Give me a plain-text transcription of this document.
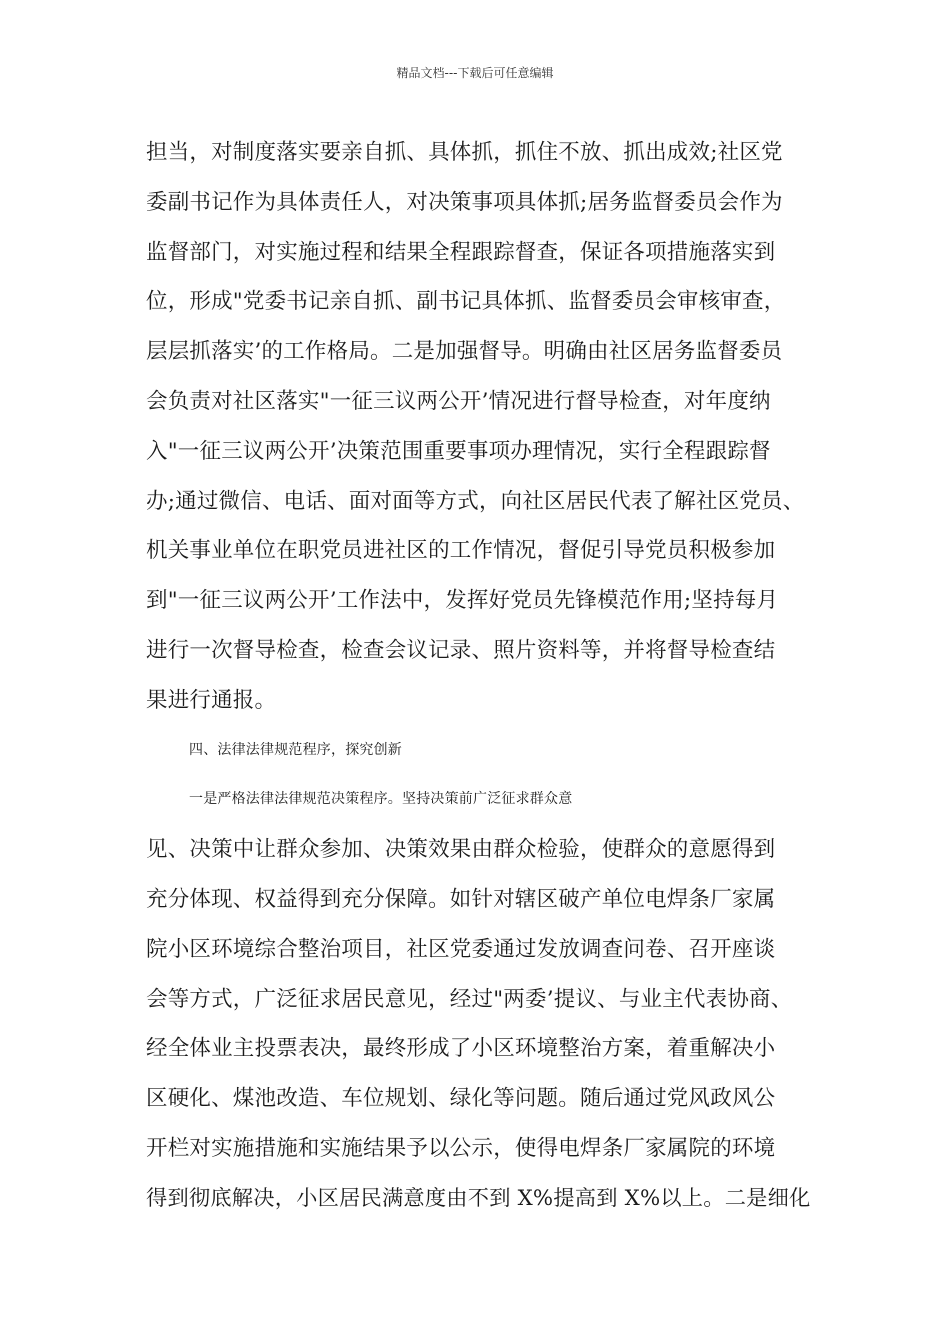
精品文档---下载后可任意编辑
担当，对制度落实要亲自抓、具体抓，抓住不放、抓出成效;社区党
委副书记作为具体责任人，对决策事项具体抓;居务监督委员会作为
监督部门，对实施过程和结果全程跟踪督查，保证各项措施落实到
位，形成"党委书记亲自抓、副书记具体抓、监督委员会审核审查，
层层抓落实’的工作格局。二是加强督导。明确由社区居务监督委员
会负责对社区落实"一征三议两公开’情况进行督导检查，对年度纳
入"一征三议两公开’决策范围重要事项办理情况，实行全程跟踪督
办;通过微信、电话、面对面等方式，向社区居民代表了解社区党员、
机关事业单位在职党员进社区的工作情况，督促引导党员积极参加
到"一征三议两公开’工作法中，发挥好党员先锋模范作用;坚持每月
进行一次督导检查，检查会议记录、照片资料等，并将督导检查结
果进行通报。
四、法律法律规范程序，探究创新
一是严格法律法律规范决策程序。坚持决策前广泛征求群众意
见、决策中让群众参加、决策效果由群众检验，使群众的意愿得到
充分体现、权益得到充分保障。如针对辖区破产单位电焊条厂家属
院小区环境综合整治项目，社区党委通过发放调查问卷、召开座谈
会等方式，广泛征求居民意见，经过"两委’提议、与业主代表协商、
经全体业主投票表决，最终形成了小区环境整治方案，着重解决小
区硬化、煤池改造、车位规划、绿化等问题。随后通过党风政风公
开栏对实施措施和实施结果予以公示，使得电焊条厂家属院的环境
得到彻底解决，小区居民满意度由不到 X%提高到 X%以上。二是细化
